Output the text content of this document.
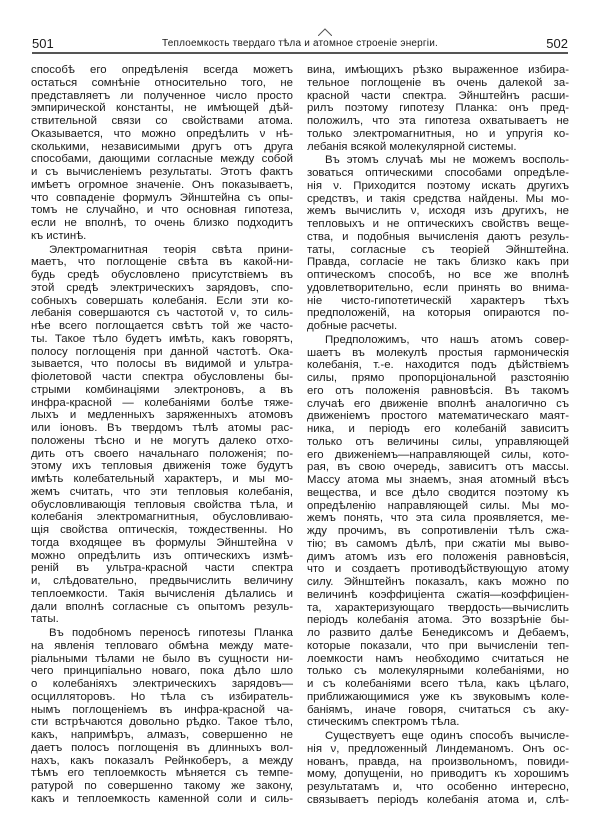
501	Теплоемкость твердаго тѣла и атомное строеніе энергіи.	502
способѣ его опредѣленія всегда можетъ
остаться сомнѣніе относительно того, не
представляетъ ли полученное число просто
эмпирической константы, не имѣющей дѣй-
ствительной связи со свойствами атома.
Оказывается, что можно опредѣлить ν нѣ-
сколькими, независимыми другъ отъ друга
способами, дающими согласные между собой
и съ вычисленіемъ результаты. Этотъ фактъ
имѣетъ огромное значеніе. Онъ показываетъ,
что совпаденіе формулъ Эйнштейна съ опы-
томъ не случайно, и что основная гипотеза,
если не вполнѣ, то очень близко подходитъ
къ истинѣ.
Электромагнитная теорія свѣта прини-
маетъ, что поглощеніе свѣта въ какой-ни-
будь средѣ обусловлено присутствіемъ въ
этой средѣ электрическихъ зарядовъ, спо-
собныхъ совершать колебанія. Если эти ко-
лебанія совершаются съ частотой ν, то силь-
нѣе всего поглощается свѣтъ той же часто-
ты. Такое тѣло будетъ имѣть, какъ говорятъ,
полосу поглощенія при данной частотѣ. Ока-
зывается, что полосы въ видимой и ультра-
фіолетовой части спектра обусловлены бы-
стрыми комбинаціями электроновъ, а въ
инфра-красной — колебаніями болѣе тяже-
лыхъ и медленныхъ заряженныхъ атомовъ
или іоновъ. Въ твердомъ тѣлѣ атомы рас-
положены тѣсно и не могутъ далеко отхо-
дить отъ своего начальнаго положенія; по-
этому ихъ тепловыя движенія тоже будутъ
имѣть колебательный характеръ, и мы мо-
жемъ считать, что эти тепловыя колебанія,
обусловливающія тепловыя свойства тѣла, и
колебанія электромагнитныя, обусловливаю-
щія свойства оптическія, тождественны. Но
тогда входящее въ формулы Эйнштейна ν
можно опредѣлить изъ оптическихъ измѣ-
реній въ ультра-красной части спектра
и, слѣдовательно, предвычислить величину
теплоемкости. Такія вычисленія дѣлались и
дали вполнѣ согласные съ опытомъ резуль-
таты.
Въ подобномъ переносѣ гипотезы Планка
на явленія тепловаго обмѣна между мате-
ріальными тѣлами не было въ сущности ни-
чего принципіально новаго, пока дѣло шло
о колебаніяхъ электрическихъ зарядовъ—
осцилляторовъ. Но тѣла съ избиратель-
нымъ поглощеніемъ въ инфра-красной ча-
сти встрѣчаются довольно рѣдко. Такое тѣло,
какъ, напримѣръ, алмазъ, совершенно не
даетъ полосъ поглощенія въ длинныхъ вол-
нахъ, какъ показалъ Рейнкоберъ, а между
тѣмъ его теплоемкость мѣняется съ темпе-
ратурой по совершенно такому же закону,
какъ и теплоемкость каменной соли и силь-
вина, имѣющихъ рѣзко выраженное избира-
тельное поглощеніе въ очень далекой за-
красной части спектра. Эйнштейнъ расши-
рилъ поэтому гипотезу Планка: онъ пред-
положилъ, что эта гипотеза охватываетъ не
только электромагнитныя, но и упругія ко-
лебанія всякой молекулярной системы.
Въ этомъ случаѣ мы не можемъ восполь-
зоваться оптическими способами опредѣле-
нія ν. Приходится поэтому искать другихъ
средствъ, и такія средства найдены. Мы мо-
жемъ вычислить ν, исходя изъ другихъ, не
тепловыхъ и не оптическихъ свойствъ веще-
ства, и подобныя вычисленія даютъ резуль-
таты, согласные съ теоріей Эйнштейна.
Правда, согласіе не такъ близко какъ при
оптическомъ способѣ, но все же вполнѣ
удовлетворительно, если принять во внима-
ніе чисто-гипотетическій характеръ тѣхъ
предположеній, на которыя опираются по-
добные расчеты.
Предположимъ, что нашъ атомъ совер-
шаетъ въ молекулѣ простыя гармоническія
колебанія, т.-е. находится подъ дѣйствіемъ
силы, прямо пропорціональной разстоянію
его отъ положенія равновѣсія. Въ такомъ
случаѣ его движеніе вполнѣ аналогично съ
движеніемъ простого математическаго маят-
ника, и періодъ его колебаній зависитъ
только отъ величины силы, управляющей
его движеніемъ—направляющей силы, кото-
рая, въ свою очередь, зависитъ отъ массы.
Массу атома мы знаемъ, зная атомный вѣсъ
вещества, и все дѣло сводится поэтому къ
опредѣленію направляющей силы. Мы мо-
жемъ понять, что эта сила проявляется, ме-
жду прочимъ, въ сопротивленіи тѣлъ сжа-
тію; въ самомъ дѣлѣ, при сжатіи мы выво-
димъ атомъ изъ его положенія равновѣсія,
что и создаетъ противодѣйствующую атому
силу. Эйнштейнъ показалъ, какъ можно по
величинѣ коэффиціента сжатія—коэффиціен-
та, характеризующаго твердость—вычислить
періодъ колебанія атома. Это воззрѣніе бы-
ло развито далѣе Бенедиксомъ и Дебаемъ,
которые показали, что при вычисленіи теп-
лоемкости намъ необходимо считаться не
только съ молекулярными колебаніями, но
и съ колебаніями всего тѣла, какъ цѣлаго,
приближающимися уже къ звуковымъ коле-
баніямъ, иначе говоря, считаться съ аку-
стическимъ спектромъ тѣла.
Существуетъ еще одинъ способъ вычисле-
нія ν, предложенный Линдеманомъ. Онъ ос-
нованъ, правда, на произвольномъ, повиди-
мому, допущеніи, но приводитъ къ хорошимъ
результатамъ и, что особенно интересно,
связываетъ періодъ колебанія атома и, слѣ-
